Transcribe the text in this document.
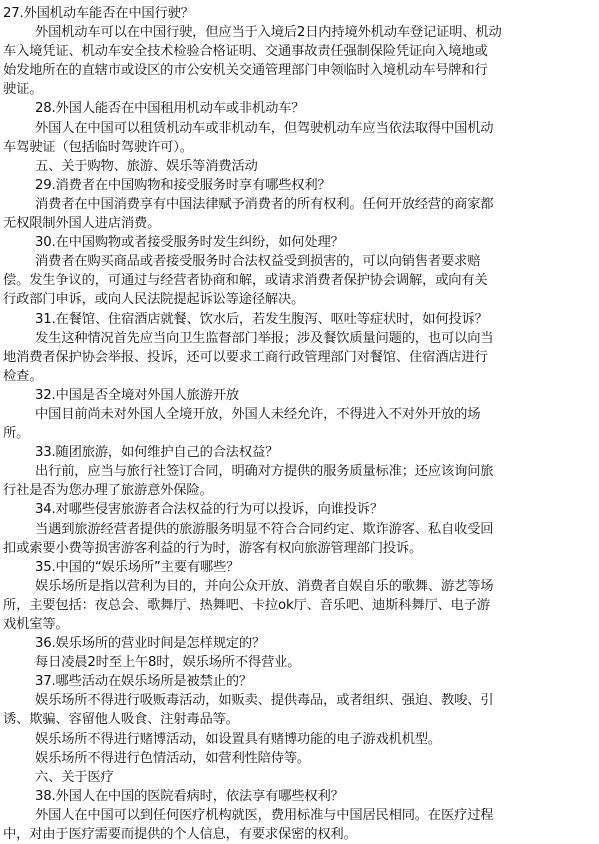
27.外国机动车能否在中国行驶？
外国机动车可以在中国行驶，但应当于入境后2日内持境外机动车登记证明、机动
车入境凭证、机动车安全技术检验合格证明、交通事故责任强制保险凭证向入境地或
始发地所在的直辖市或设区的市公安机关交通管理部门申领临时入境机动车号牌和行
驶证。
28.外国人能否在中国租用机动车或非机动车？
外国人在中国可以租赁机动车或非机动车，但驾驶机动车应当依法取得中国机动
车驾驶证（包括临时驾驶许可）。
五、关于购物、旅游、娱乐等消费活动
29.消费者在中国购物和接受服务时享有哪些权利？
消费者在中国消费享有中国法律赋予消费者的所有权利。任何开放经营的商家都
无权限制外国人进店消费。
30.在中国购物或者接受服务时发生纠纷，如何处理？
消费者在购买商品或者接受服务时合法权益受到损害的，可以向销售者要求赔
偿。发生争议的，可通过与经营者协商和解，或请求消费者保护协会调解，或向有关
行政部门申诉，或向人民法院提起诉讼等途径解决。
31.在餐馆、住宿酒店就餐、饮水后，若发生腹泻、呕吐等症状时，如何投诉？
发生这种情况首先应当向卫生监督部门举报；涉及餐饮质量问题的，也可以向当
地消费者保护协会举报、投诉，还可以要求工商行政管理部门对餐馆、住宿酒店进行
检查。
32.中国是否全境对外国人旅游开放
中国目前尚未对外国人全境开放，外国人未经允许，不得进入不对外开放的场
所。
33.随团旅游，如何维护自己的合法权益？
出行前，应当与旅行社签订合同，明确对方提供的服务质量标准；还应该询问旅
行社是否为您办理了旅游意外保险。
34.对哪些侵害旅游者合法权益的行为可以投诉，向谁投诉？
当遇到旅游经营者提供的旅游服务明显不符合合同约定、欺诈游客、私自收受回
扣或索要小费等损害游客利益的行为时，游客有权向旅游管理部门投诉。
35.中国的“娱乐场所”主要有哪些？
娱乐场所是指以营利为目的，并向公众开放、消费者自娱自乐的歌舞、游艺等场
所，主要包括：夜总会、歌舞厅、热舞吧、卡拉ok厅、音乐吧、迪斯科舞厅、电子游
戏机室等。
36.娱乐场所的营业时间是怎样规定的？
每日凌晨2时至上午8时，娱乐场所不得营业。
37.哪些活动在娱乐场所是被禁止的？
娱乐场所不得进行吸贩毒活动，如贩卖、提供毒品，或者组织、强迫、教唆、引
诱、欺骗、容留他人吸食、注射毒品等。
娱乐场所不得进行赌博活动，如设置具有赌博功能的电子游戏机机型。
娱乐场所不得进行色情活动，如营利性陪侍等。
六、关于医疗
38.外国人在中国的医院看病时，依法享有哪些权利？
外国人在中国可以到任何医疗机构就医，费用标准与中国居民相同。在医疗过程
中，对由于医疗需要而提供的个人信息，有要求保密的权利。
